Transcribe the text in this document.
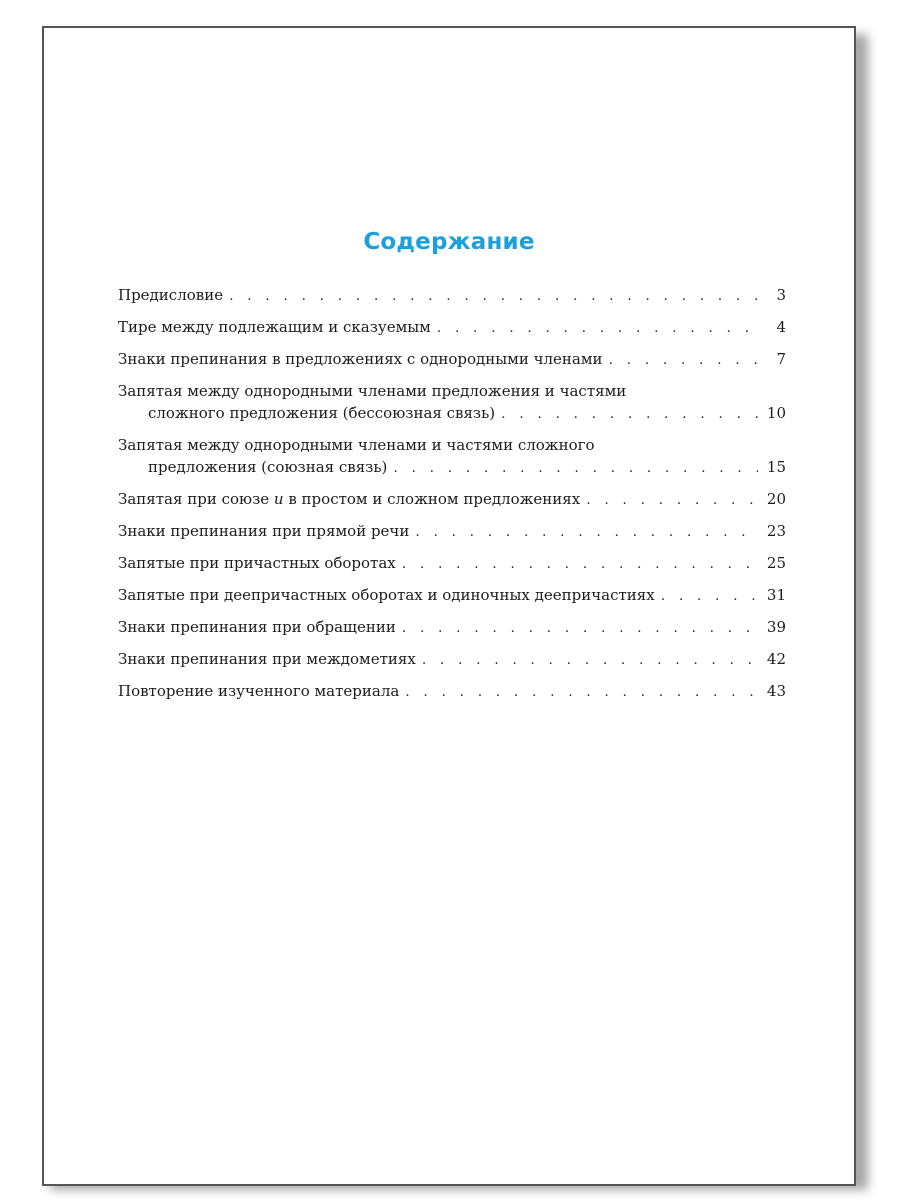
Содержание
Предисловие . . .	3
Тире между подлежащим и сказуемым . . .	4
Знаки препинания в предложениях с однородными членами . . .	7
Запятая между однородными членами предложения и частями
сложного предложения (бессоюзная связь) . . .	10
Запятая между однородными членами и частями сложного
предложения (союзная связь) . . .	15
Запятая при союзе и в простом и сложном предложениях . . .	20
Знаки препинания при прямой речи . . .	23
Запятые при причастных оборотах . . .	25
Запятые при деепричастных оборотах и одиночных деепричастиях . . .	31
Знаки препинания при обращении . . .	39
Знаки препинания при междометиях . . .	42
Повторение изученного материала . . .	43
